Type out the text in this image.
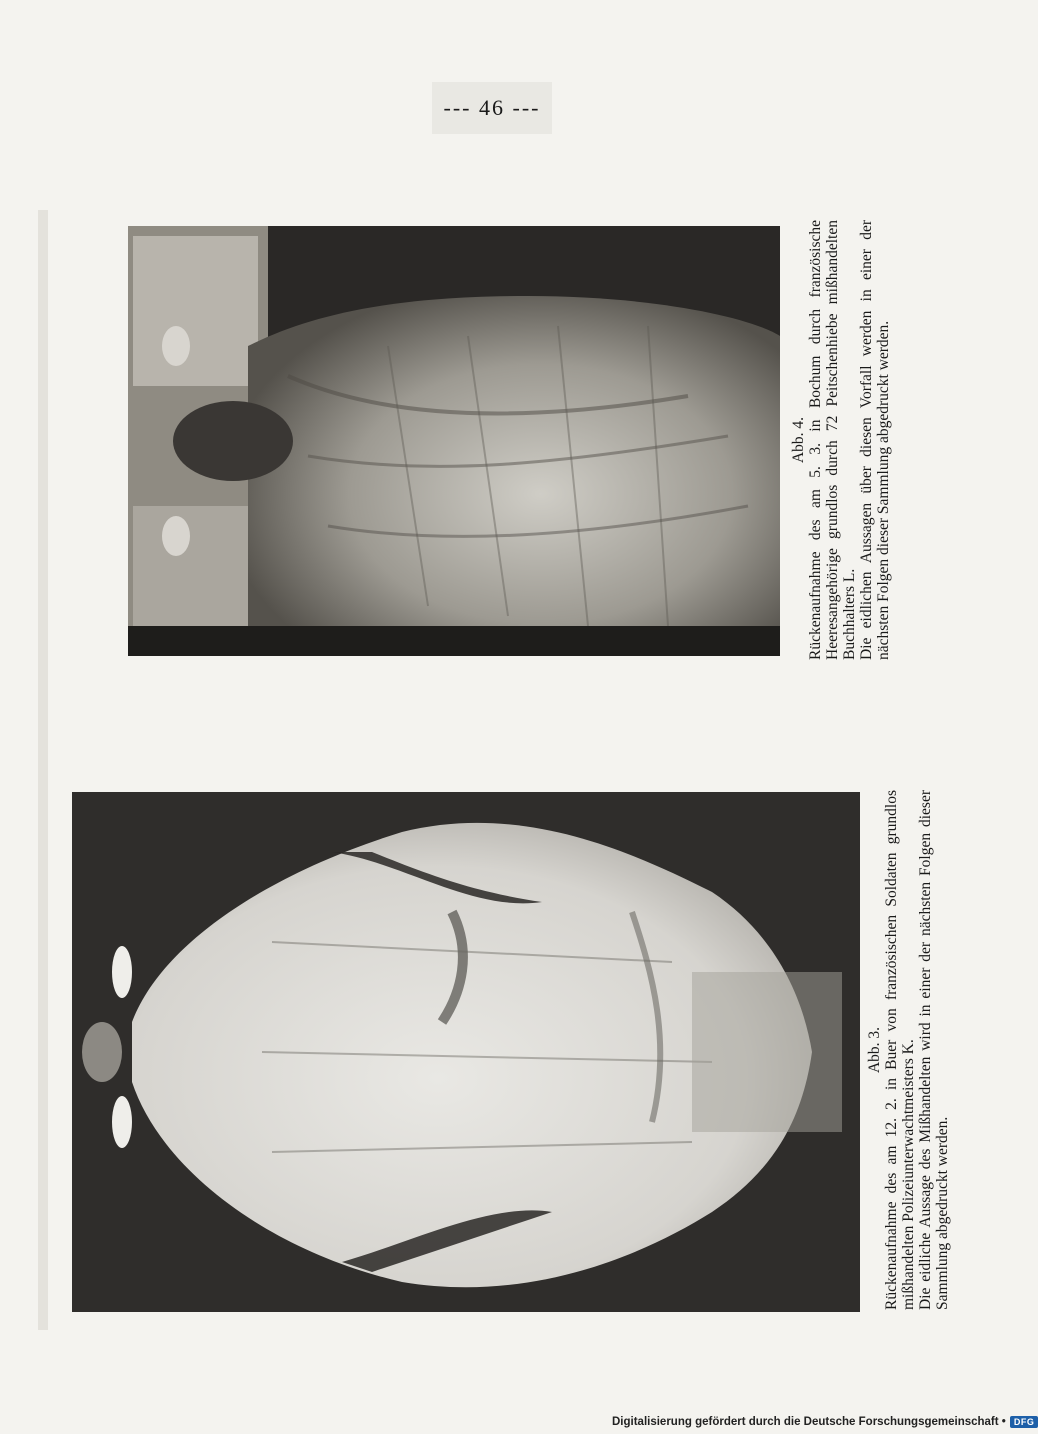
--- 46 ---
Abb. 4. Rückenaufnahme des am 5. 3. in Bochum durch französische Heeresangehörige grundlos durch 72 Peitschenhiebe mißhandelten Buchhalters L. Die eidlichen Aussagen über diesen Vorfall werden in einer der nächsten Folgen dieser Sammlung abgedruckt werden.

Abb. 3. Rückenaufnahme des am 12. 2. in Buer von französischen Soldaten grundlos mißhandelten Polizeiunterwachtmeisters K. Die eidliche Aussage des Mißhandelten wird in einer der nächsten Folgen dieser Sammlung abgedruckt werden.

Digitalisierung gefördert durch die Deutsche Forschungsgemeinschaft • DFG
